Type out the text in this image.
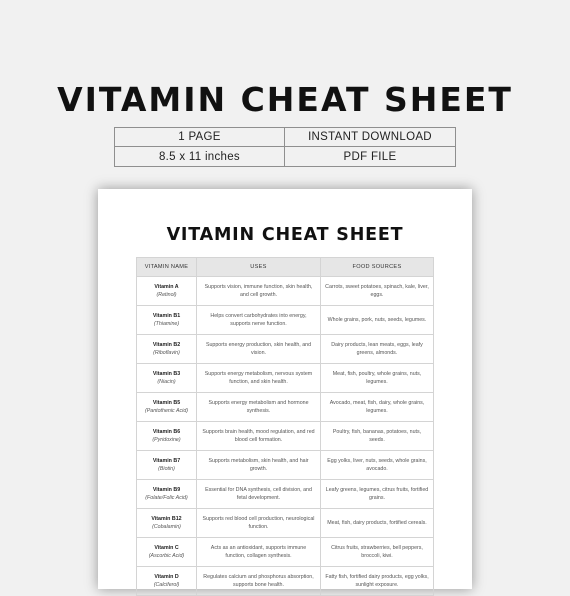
VITAMIN CHEAT SHEET
1 PAGE	INSTANT DOWNLOAD
8.5 x 11 inches	PDF FILE
VITAMIN CHEAT SHEET
VITAMIN NAME	USES	FOOD SOURCES

Vitamin A
(Retinol)	Supports vision, immune function, skin health, and cell growth.	Carrots, sweet potatoes, spinach, kale, liver, eggs.

Vitamin B1
(Thiamine)	Helps convert carbohydrates into energy, supports nerve function.	Whole grains, pork, nuts, seeds, legumes.

Vitamin B2
(Riboflavin)	Supports energy production, skin health, and vision.	Dairy products, lean meats, eggs, leafy greens, almonds.

Vitamin B3
(Niacin)	Supports energy metabolism, nervous system function, and skin health.	Meat, fish, poultry, whole grains, nuts, legumes.

Vitamin B5
(Pantothenic Acid)	Supports energy metabolism and hormone synthesis.	Avocado, meat, fish, dairy, whole grains, legumes.

Vitamin B6
(Pyridoxine)	Supports brain health, mood regulation, and red blood cell formation.	Poultry, fish, bananas, potatoes, nuts, seeds.

Vitamin B7
(Biotin)	Supports metabolism, skin health, and hair growth.	Egg yolks, liver, nuts, seeds, whole grains, avocado.

Vitamin B9
(Folate/Folic Acid)	Essential for DNA synthesis, cell division, and fetal development.	Leafy greens, legumes, citrus fruits, fortified grains.

Vitamin B12
(Cobalamin)	Supports red blood cell production, neurological function.	Meat, fish, dairy products, fortified cereals.

Vitamin C
(Ascorbic Acid)	Acts as an antioxidant, supports immune function, collagen synthesis.	Citrus fruits, strawberries, bell peppers, broccoli, kiwi.

Vitamin D
(Calciferol)	Regulates calcium and phosphorus absorption, supports bone health.	Fatty fish, fortified dairy products, egg yolks, sunlight exposure.
